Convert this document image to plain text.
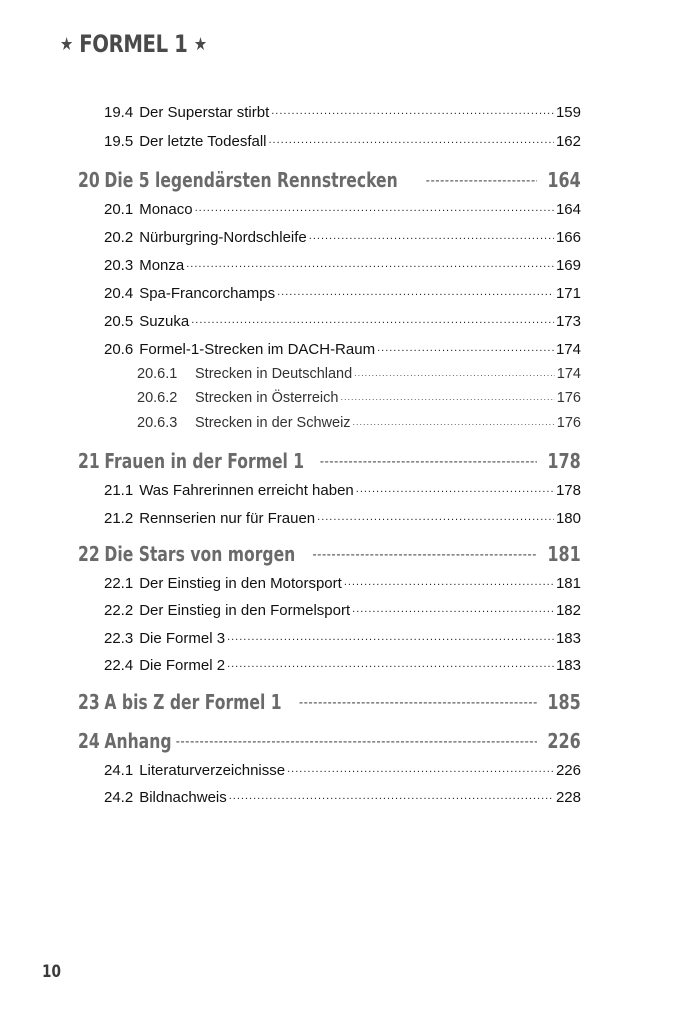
★ FORMEL 1 ★
19.4 Der Superstar stirbt .....	159
19.5 Der letzte Todesfall .....	162
20 Die 5 legendärsten Rennstrecken ▬▬▬▬▬▬▬▬▬▬▬▬▬▬▬▬▬▬▬▬▬▬▬▬▬▬▬▬▬▬▬▬▬▬▬▬▬▬▬▬▬▬▬▬▬▬▬▬▬▬▬▬▬▬▬▬▬▬▬▬▬▬▬▬▬▬▬▬▬▬▬▬▬▬▬▬▬▬▬▬	164
20.1 Monaco .....	164
20.2 Nürburgring-Nordschleife .....	166
20.3 Monza .....	169
20.4 Spa-Francorchamps .....	171
20.5 Suzuka .....	173
20.6 Formel-1-Strecken im DACH-Raum .....	174
20.6.1	Strecken in Deutschland .....	174
20.6.2	Strecken in Österreich .....	176
20.6.3	Strecken in der Schweiz .....	176
21 Frauen in der Formel 1 ▬▬▬▬▬▬▬▬▬▬▬▬▬▬▬▬▬▬▬▬▬▬▬▬▬▬▬▬▬▬▬▬▬▬▬▬▬▬▬▬▬▬▬▬▬▬▬▬▬▬▬▬▬▬▬▬▬▬▬▬▬▬▬▬▬▬▬▬▬▬▬▬▬▬▬▬▬▬▬▬	178
21.1 Was Fahrerinnen erreicht haben .....	178
21.2 Rennserien nur für Frauen .....	180
22 Die Stars von morgen ▬▬▬▬▬▬▬▬▬▬▬▬▬▬▬▬▬▬▬▬▬▬▬▬▬▬▬▬▬▬▬▬▬▬▬▬▬▬▬▬▬▬▬▬▬▬▬▬▬▬▬▬▬▬▬▬▬▬▬▬▬▬▬▬▬▬▬▬▬▬▬▬▬▬▬▬▬▬▬▬	181
22.1 Der Einstieg in den Motorsport .....	181
22.2 Der Einstieg in den Formelsport .....	182
22.3 Die Formel 3 .....	183
22.4 Die Formel 2 .....	183
23 A bis Z der Formel 1 ▬▬▬▬▬▬▬▬▬▬▬▬▬▬▬▬▬▬▬▬▬▬▬▬▬▬▬▬▬▬▬▬▬▬▬▬▬▬▬▬▬▬▬▬▬▬▬▬▬▬▬▬▬▬▬▬▬▬▬▬▬▬▬▬▬▬▬▬▬▬▬▬▬▬▬▬▬▬▬▬	185
24 Anhang ▬▬▬▬▬▬▬▬▬▬▬▬▬▬▬▬▬▬▬▬▬▬▬▬▬▬▬▬▬▬▬▬▬▬▬▬▬▬▬▬▬▬▬▬▬▬▬▬▬▬▬▬▬▬▬▬▬▬▬▬▬▬▬▬▬▬▬▬▬▬▬▬▬▬▬▬▬▬▬▬	226
24.1 Literaturverzeichnisse .....	226
24.2 Bildnachweis .....	228
10
